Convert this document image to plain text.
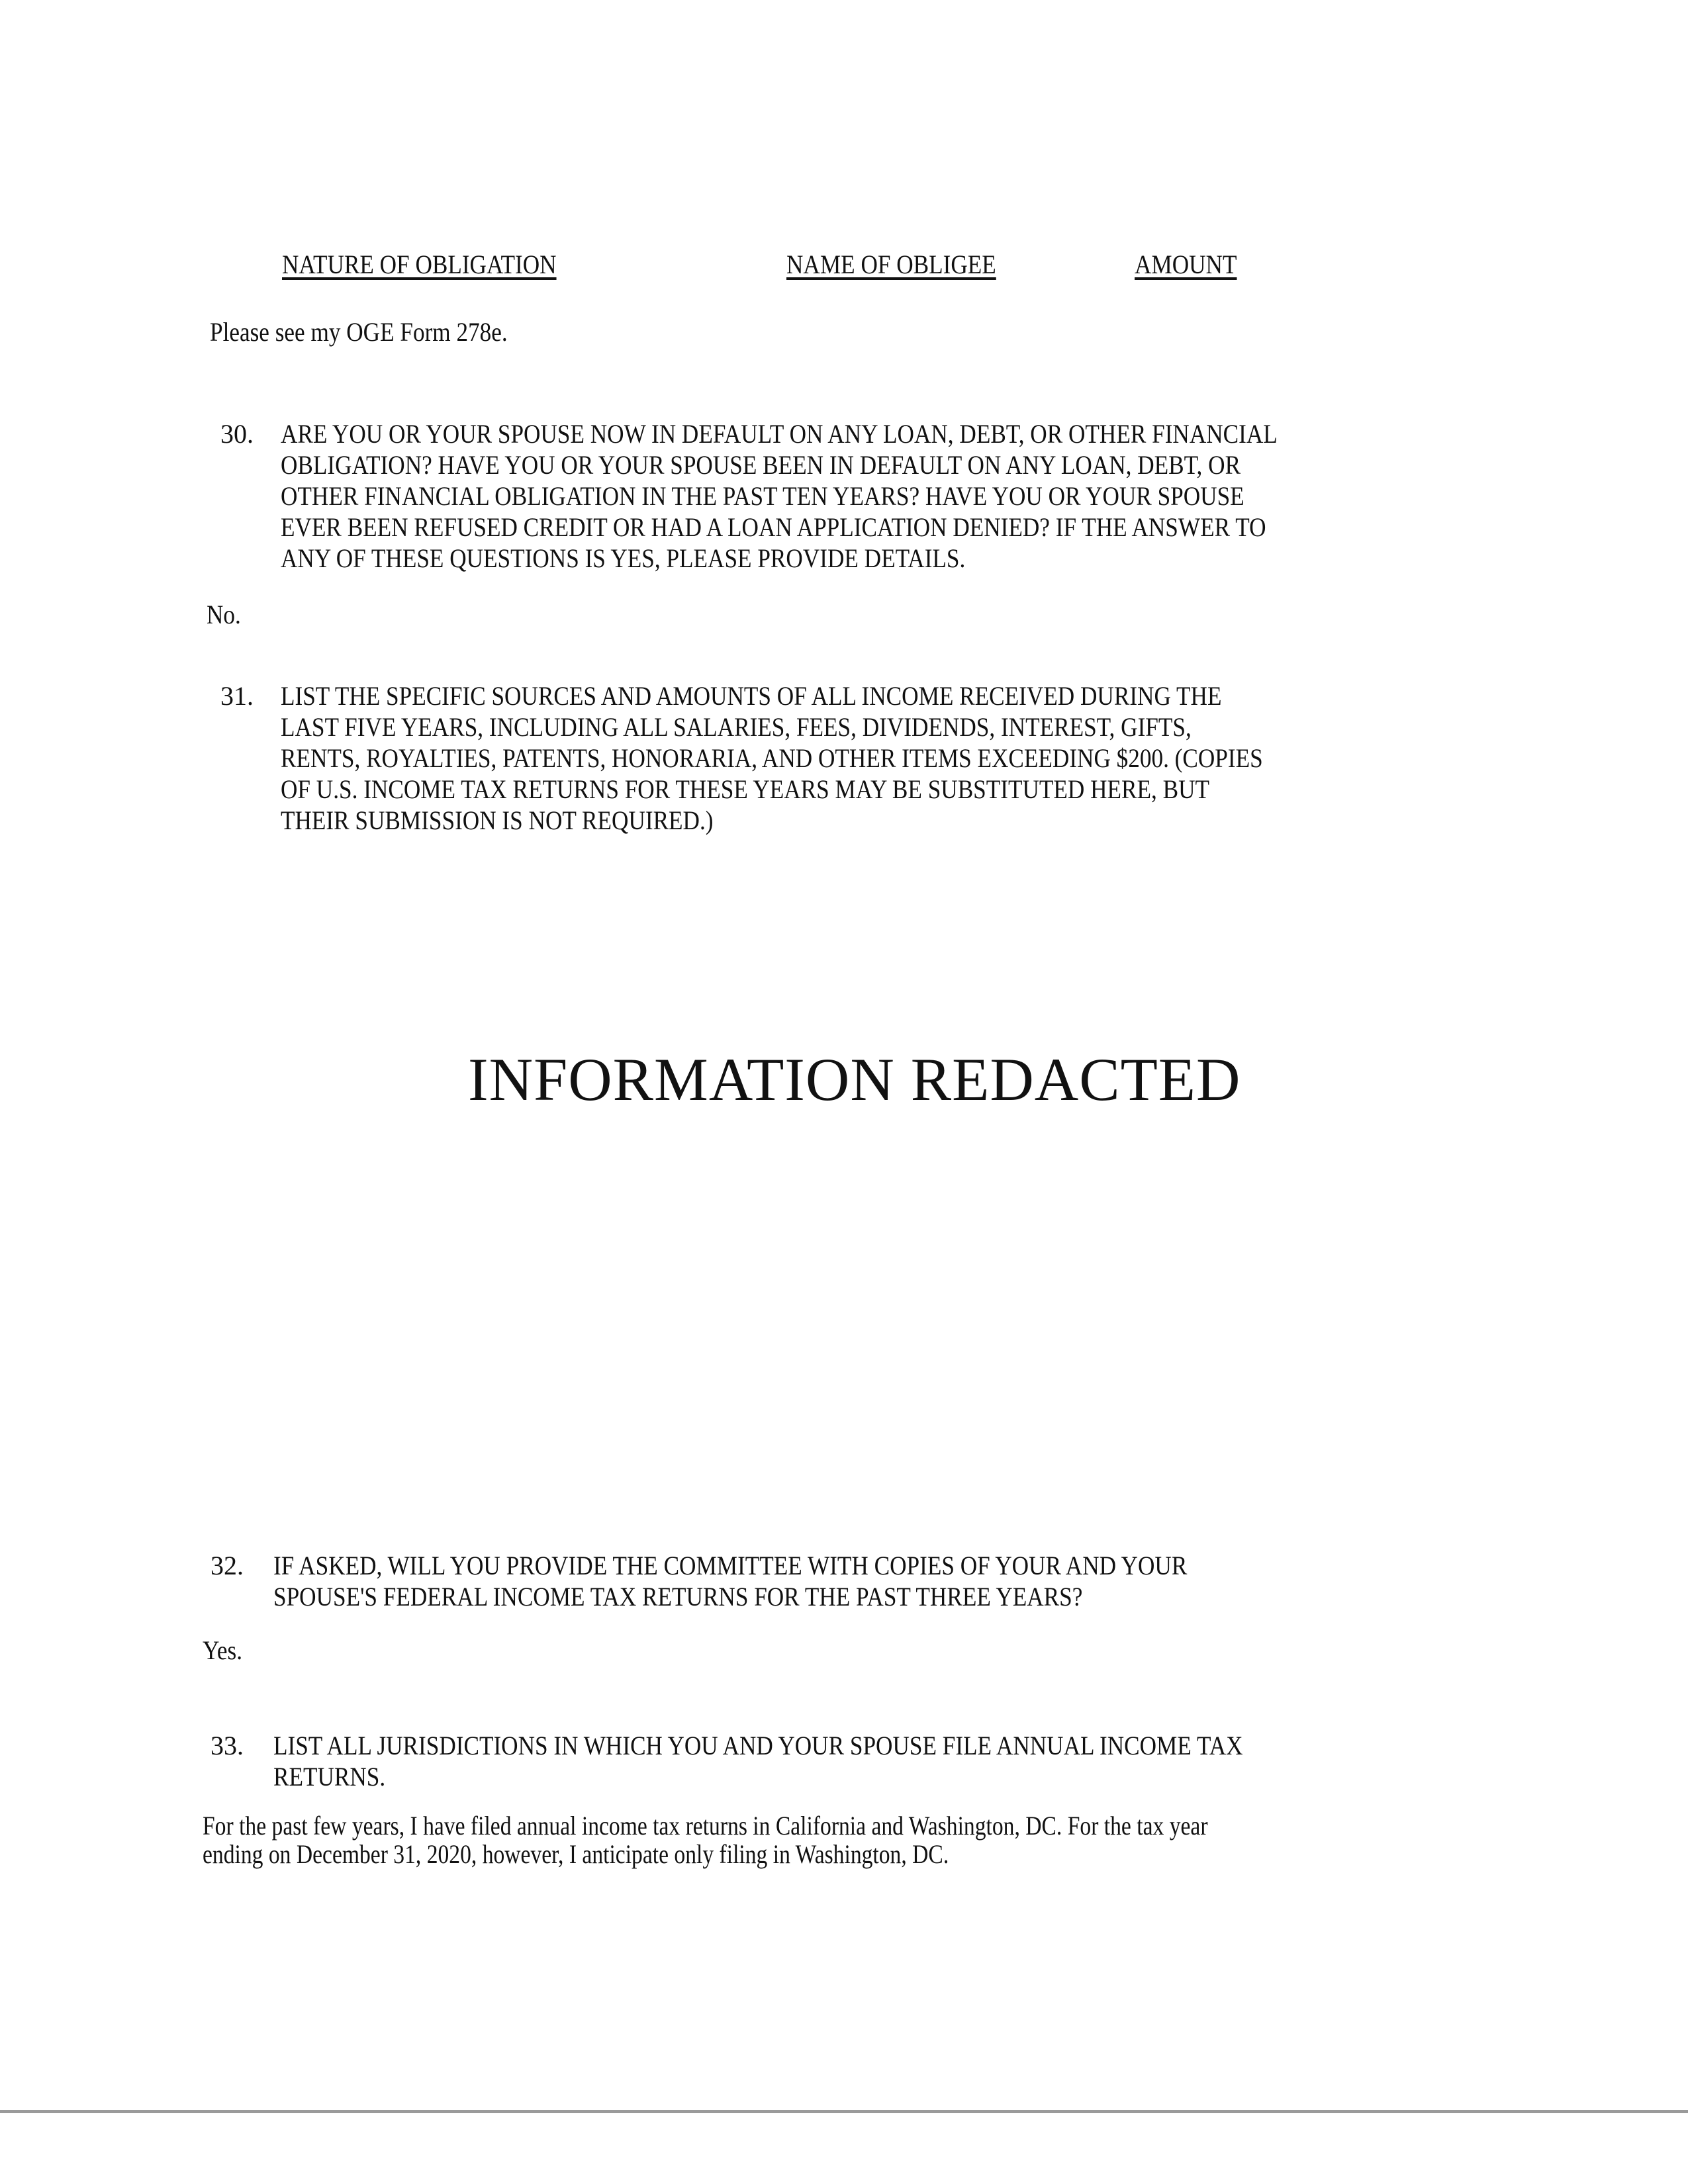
NATURE OF OBLIGATION	NAME OF OBLIGEE	AMOUNT
Please see my OGE Form 278e.
30. ARE YOU OR YOUR SPOUSE NOW IN DEFAULT ON ANY LOAN, DEBT, OR OTHER FINANCIAL
OBLIGATION? HAVE YOU OR YOUR SPOUSE BEEN IN DEFAULT ON ANY LOAN, DEBT, OR
OTHER FINANCIAL OBLIGATION IN THE PAST TEN YEARS? HAVE YOU OR YOUR SPOUSE
EVER BEEN REFUSED CREDIT OR HAD A LOAN APPLICATION DENIED? IF THE ANSWER TO
ANY OF THESE QUESTIONS IS YES, PLEASE PROVIDE DETAILS.
No.
31. LIST THE SPECIFIC SOURCES AND AMOUNTS OF ALL INCOME RECEIVED DURING THE
LAST FIVE YEARS, INCLUDING ALL SALARIES, FEES, DIVIDENDS, INTEREST, GIFTS,
RENTS, ROYALTIES, PATENTS, HONORARIA, AND OTHER ITEMS EXCEEDING $200. (COPIES
OF U.S. INCOME TAX RETURNS FOR THESE YEARS MAY BE SUBSTITUTED HERE, BUT
THEIR SUBMISSION IS NOT REQUIRED.)
INFORMATION REDACTED
32. IF ASKED, WILL YOU PROVIDE THE COMMITTEE WITH COPIES OF YOUR AND YOUR
SPOUSE'S FEDERAL INCOME TAX RETURNS FOR THE PAST THREE YEARS?
Yes.
33. LIST ALL JURISDICTIONS IN WHICH YOU AND YOUR SPOUSE FILE ANNUAL INCOME TAX
RETURNS.
For the past few years, I have filed annual income tax returns in California and Washington, DC. For the tax year
ending on December 31, 2020, however, I anticipate only filing in Washington, DC.
